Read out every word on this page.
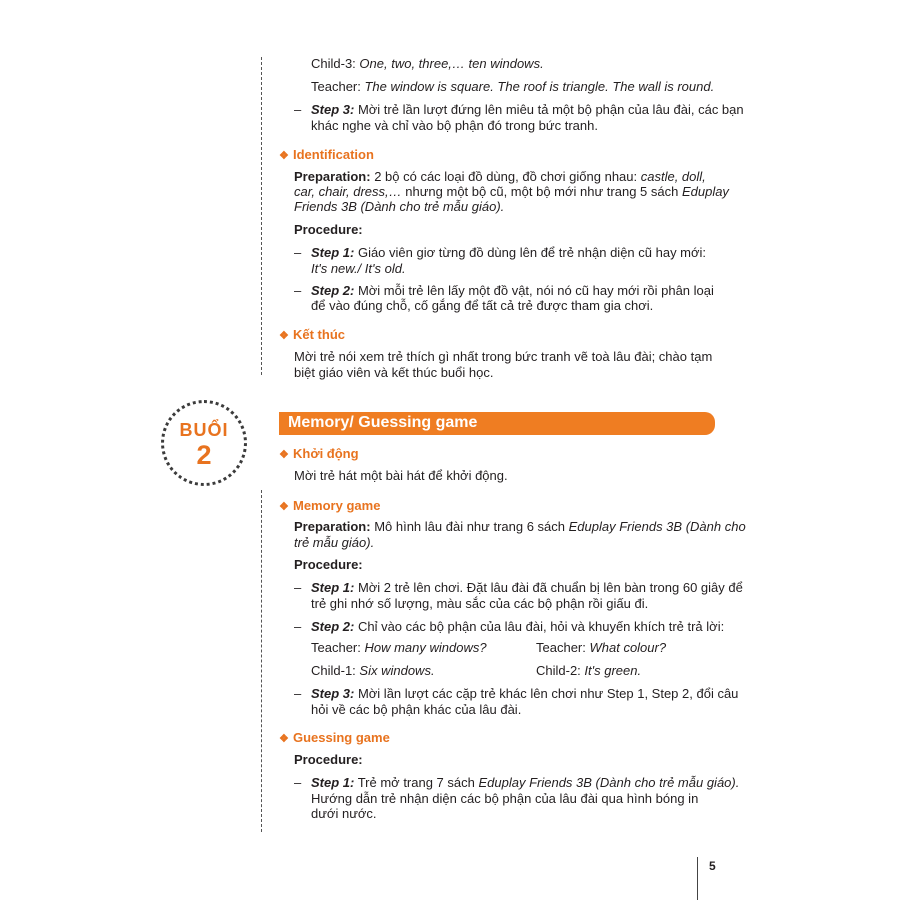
Child-3: One, two, three,… ten windows.
Teacher: The window is square. The roof is triangle. The wall is round.
– Step 3: Mời trẻ lần lượt đứng lên miêu tả một bộ phận của lâu đài, các bạn
khác nghe và chỉ vào bộ phận đó trong bức tranh.
❖ Identification
Preparation: 2 bộ có các loại đồ dùng, đồ chơi giống nhau: castle, doll,
car, chair, dress,… nhưng một bộ cũ, một bộ mới như trang 5 sách Eduplay
Friends 3B (Dành cho trẻ mẫu giáo).
Procedure:
– Step 1: Giáo viên giơ từng đồ dùng lên để trẻ nhận diện cũ hay mới:
It's new./ It's old.
– Step 2: Mời mỗi trẻ lên lấy một đồ vật, nói nó cũ hay mới rồi phân loại
để vào đúng chỗ, cố gắng để tất cả trẻ được tham gia chơi.
❖ Kết thúc
Mời trẻ nói xem trẻ thích gì nhất trong bức tranh vẽ toà lâu đài; chào tạm
biệt giáo viên và kết thúc buổi học.
BUỔI
2
Memory/ Guessing game
❖ Khởi động
Mời trẻ hát một bài hát để khởi động.
❖ Memory game
Preparation: Mô hình lâu đài như trang 6 sách Eduplay Friends 3B (Dành cho
trẻ mẫu giáo).
Procedure:
– Step 1: Mời 2 trẻ lên chơi. Đặt lâu đài đã chuẩn bị lên bàn trong 60 giây để
trẻ ghi nhớ số lượng, màu sắc của các bộ phận rồi giấu đi.
– Step 2: Chỉ vào các bộ phận của lâu đài, hỏi và khuyến khích trẻ trả lời:
Teacher: How many windows?	Teacher: What colour?
Child-1: Six windows.	Child-2: It's green.
– Step 3: Mời lần lượt các cặp trẻ khác lên chơi như Step 1, Step 2, đổi câu
hỏi về các bộ phận khác của lâu đài.
❖ Guessing game
Procedure:
– Step 1: Trẻ mở trang 7 sách Eduplay Friends 3B (Dành cho trẻ mẫu giáo).
Hướng dẫn trẻ nhận diện các bộ phận của lâu đài qua hình bóng in
dưới nước.
5
